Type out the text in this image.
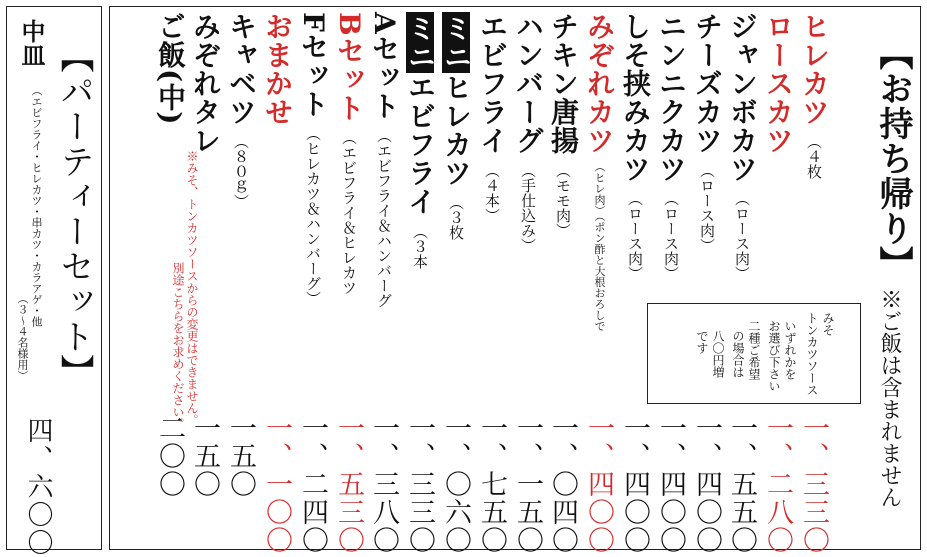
中皿
（エビフライ・ヒレカツ・串カツ・カラアゲ・他
（３～４名様用） 【パーティーセット】
四、六〇〇
【お持ち帰り】
※ご飯は含まれません
みそ
トンカツソース
いずれかを
お選び下さい
二種ご希望
の場合は
八〇円増
です
ヒレカツ（４枚
一、三三〇
ロースカツ
一、二八〇
ジャンボカツ（ロース肉）
一、五五〇
チーズカツ（ロース肉）
一、四〇〇
ニンニクカツ（ロース肉）
一、四〇〇
しそ挟みカツ（ロース肉）
一、四〇〇
みぞれカツ（ヒレ肉）（ポン酢と大根おろしで
一、四〇〇
チキン唐揚（モモ肉）
一、〇四〇
ハンバーグ（手仕込み）
一、一五〇
エビフライ（４本）
一、七五〇
ミニヒレカツ（３枚
一、〇六〇
ミニエビフライ（３本
一、三三〇
Aセット（エビフライ＆ハンバーグ
一、三八〇
Bセット（エビフライ＆ヒレカツ
一、五三〇
Fセット（ヒレカツ＆ハンバーグ）
一、二四〇
おまかせ
一、一〇〇
キャベツ（８０ｇ）
一五〇
みぞれタレ
一五〇
ご飯(中)
二〇〇
※みそ、トンカツソースからの変更はできません。
別途こちらをお求めください。
